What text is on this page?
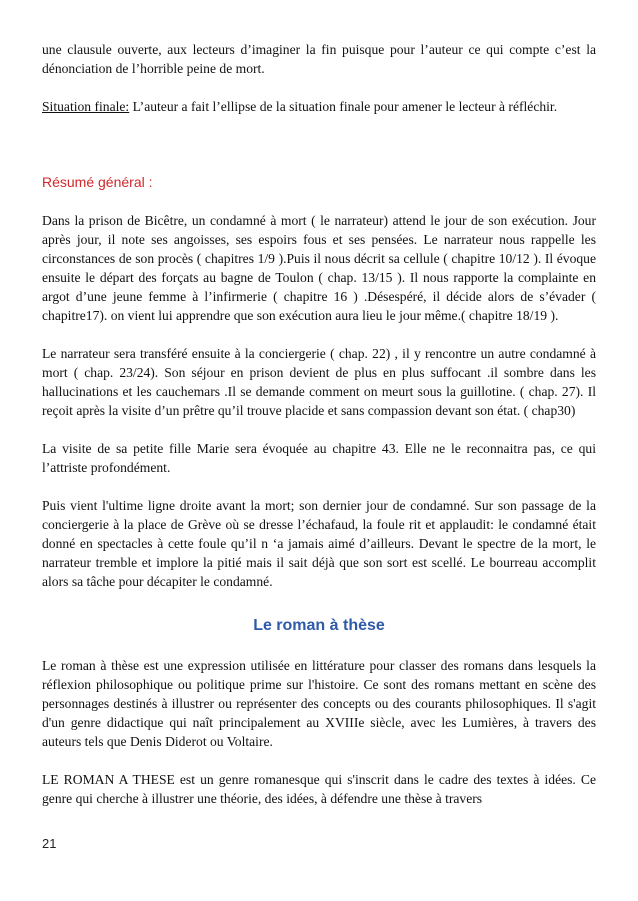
une clausule ouverte, aux lecteurs d’imaginer la fin puisque pour l’auteur ce qui compte c’est la dénonciation de l’horrible peine de mort.

Situation finale: L’auteur a fait l’ellipse de la situation finale pour amener le lecteur à réfléchir.

Résumé général :

Dans la prison de Bicêtre, un condamné à mort ( le narrateur) attend le jour de son exécution. Jour après jour, il note ses angoisses, ses espoirs fous et ses pensées. Le narrateur nous rappelle les circonstances de son procès ( chapitres 1/9 ).Puis il nous décrit sa cellule ( chapitre 10/12 ). Il évoque ensuite le départ des forçats au bagne de Toulon ( chap. 13/15 ). Il nous rapporte la complainte en argot d’une jeune femme à l’infirmerie ( chapitre 16 ) .Désespéré, il décide alors de s’évader ( chapitre17). on vient lui apprendre que son exécution aura lieu le jour même.( chapitre 18/19 ).

Le narrateur sera transféré ensuite à la conciergerie ( chap. 22) , il y rencontre un autre condamné à mort ( chap. 23/24). Son séjour en prison devient de plus en plus suffocant .il sombre dans les hallucinations et les cauchemars .Il se demande comment on meurt sous la guillotine. ( chap. 27). Il reçoit après la visite d’un prêtre qu’il trouve placide et sans compassion devant son état. ( chap30)

La visite de sa petite fille Marie sera évoquée au chapitre 43. Elle ne le reconnaitra pas, ce qui l’attriste profondément.

Puis vient l'ultime ligne droite avant la mort; son dernier jour de condamné. Sur son passage de la conciergerie à la place de Grève où se dresse l’échafaud, la foule rit et applaudit: le condamné était donné en spectacles à cette foule qu’il n ‘a jamais aimé d’ailleurs. Devant le spectre de la mort, le narrateur tremble et implore la pitié mais il sait déjà que son sort est scellé. Le bourreau accomplit alors sa tâche pour décapiter le condamné.

Le roman à thèse

Le roman à thèse est une expression utilisée en littérature pour classer des romans dans lesquels la réflexion philosophique ou politique prime sur l'histoire. Ce sont des romans mettant en scène des personnages destinés à illustrer ou représenter des concepts ou des courants philosophiques. Il s'agit d'un genre didactique qui naît principalement au XVIIIe siècle, avec les Lumières, à travers des auteurs tels que Denis Diderot ou Voltaire.

LE ROMAN A THESE est un genre romanesque qui s'inscrit dans le cadre des textes à idées. Ce genre qui cherche à illustrer une théorie, des idées, à défendre une thèse à travers

21
